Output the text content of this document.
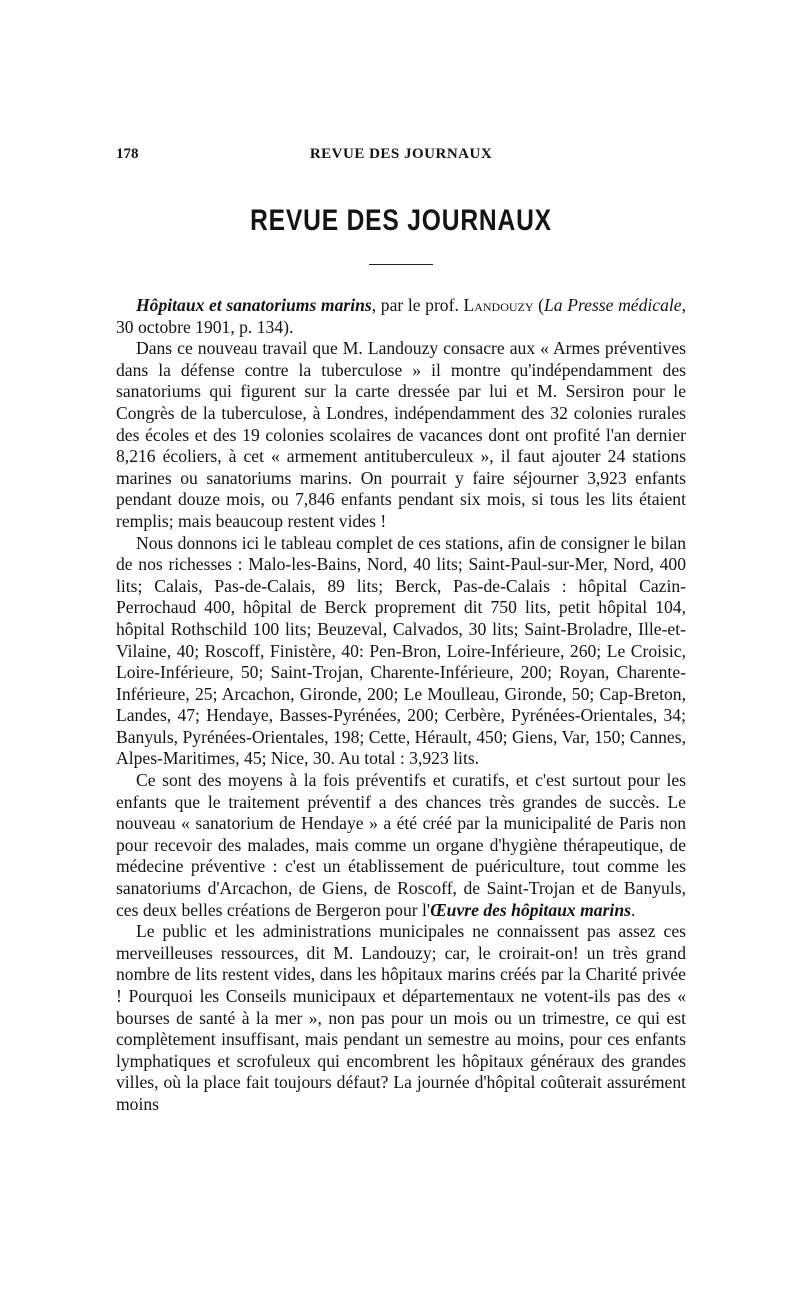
178	REVUE DES JOURNAUX
REVUE DES JOURNAUX

Hôpitaux et sanatoriums marins, par le prof. Landouzy (La Presse médicale, 30 octobre 1901, p. 134).

Dans ce nouveau travail que M. Landouzy consacre aux « Armes préventives dans la défense contre la tuberculose » il montre qu'indépendamment des sanatoriums qui figurent sur la carte dressée par lui et M. Sersiron pour le Congrès de la tuberculose, à Londres, indépendamment des 32 colonies rurales des écoles et des 19 colonies scolaires de vacances dont ont profité l'an dernier 8,216 écoliers, à cet « armement antituberculeux », il faut ajouter 24 stations marines ou sanatoriums marins. On pourrait y faire séjourner 3,923 enfants pendant douze mois, ou 7,846 enfants pendant six mois, si tous les lits étaient remplis; mais beaucoup restent vides !

Nous donnons ici le tableau complet de ces stations, afin de consigner le bilan de nos richesses : Malo-les-Bains, Nord, 40 lits; Saint-Paul-sur-Mer, Nord, 400 lits; Calais, Pas-de-Calais, 89 lits; Berck, Pas-de-Calais : hôpital Cazin-Perrochaud 400, hôpital de Berck proprement dit 750 lits, petit hôpital 104, hôpital Rothschild 100 lits; Beuzeval, Calvados, 30 lits; Saint-Broladre, Ille-et-Vilaine, 40; Roscoff, Finistère, 40: Pen-Bron, Loire-Inférieure, 260; Le Croisic, Loire-Inférieure, 50; Saint-Trojan, Charente-Inférieure, 200; Royan, Charente-Inférieure, 25; Arcachon, Gironde, 200; Le Moulleau, Gironde, 50; Cap-Breton, Landes, 47; Hendaye, Basses-Pyrénées, 200; Cerbère, Pyrénées-Orientales, 34; Banyuls, Pyrénées-Orientales, 198; Cette, Hérault, 450; Giens, Var, 150; Cannes, Alpes-Maritimes, 45; Nice, 30. Au total : 3,923 lits.

Ce sont des moyens à la fois préventifs et curatifs, et c'est surtout pour les enfants que le traitement préventif a des chances très grandes de succès. Le nouveau « sanatorium de Hendaye » a été créé par la municipalité de Paris non pour recevoir des malades, mais comme un organe d'hygiène thérapeutique, de médecine préventive : c'est un établissement de puériculture, tout comme les sanatoriums d'Arcachon, de Giens, de Roscoff, de Saint-Trojan et de Banyuls, ces deux belles créations de Bergeron pour l'Œuvre des hôpitaux marins.

Le public et les administrations municipales ne connaissent pas assez ces merveilleuses ressources, dit M. Landouzy; car, le croirait-on! un très grand nombre de lits restent vides, dans les hôpitaux marins créés par la Charité privée ! Pourquoi les Conseils municipaux et départementaux ne votent-ils pas des « bourses de santé à la mer », non pas pour un mois ou un trimestre, ce qui est complètement insuffisant, mais pendant un semestre au moins, pour ces enfants lymphatiques et scrofuleux qui encombrent les hôpitaux généraux des grandes villes, où la place fait toujours défaut? La journée d'hôpital coûterait assurément moins
